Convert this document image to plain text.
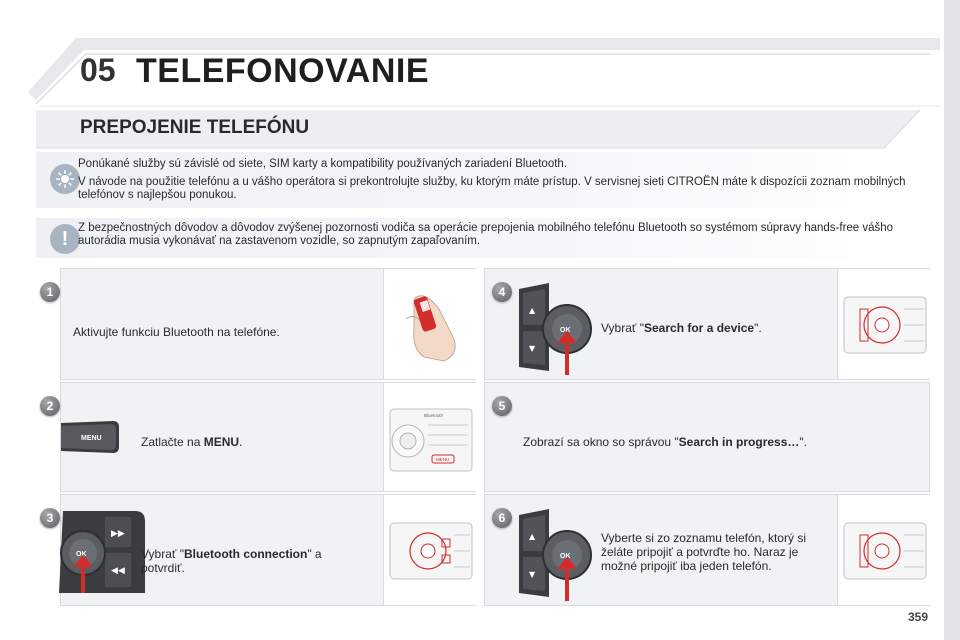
05 TELEFONOVANIE
PREPOJENIE TELEFÓNU
Ponúkané služby sú závislé od siete, SIM karty a kompatibility používaných zariadení Bluetooth.
V návode na použitie telefónu a u vášho operátora si prekontrolujte služby, ku ktorým máte prístup. V servisnej sieti CITROËN máte k dispozícii zoznam mobilných telefónov s najlepšou ponukou.
! Z bezpečnostných dôvodov a dôvodov zvýšenej pozornosti vodiča sa operácie prepojenia mobilného telefónu Bluetooth so systémom súpravy hands-free vášho autorádia musia vykonávať na zastavenom vozidle, so zapnutým zapaľovaním.
Aktivujte funkciu Bluetooth na telefóne.
1
MENU	Zatlačte na MENU.
Bluetooth
MENU
2
▶▶
◀◀
OK	Vybrať "Bluetooth connection" a potvrdiť.
3
▲
▼
OK	Vybrať "Search for a device".
4
Zobrazí sa okno so správou "Search in progress…".
5
▲
▼
OK
Vyberte si zo zoznamu telefón, ktorý si želáte pripojiť a potvrďte ho. Naraz je možné pripojiť iba jeden telefón.
6
359
